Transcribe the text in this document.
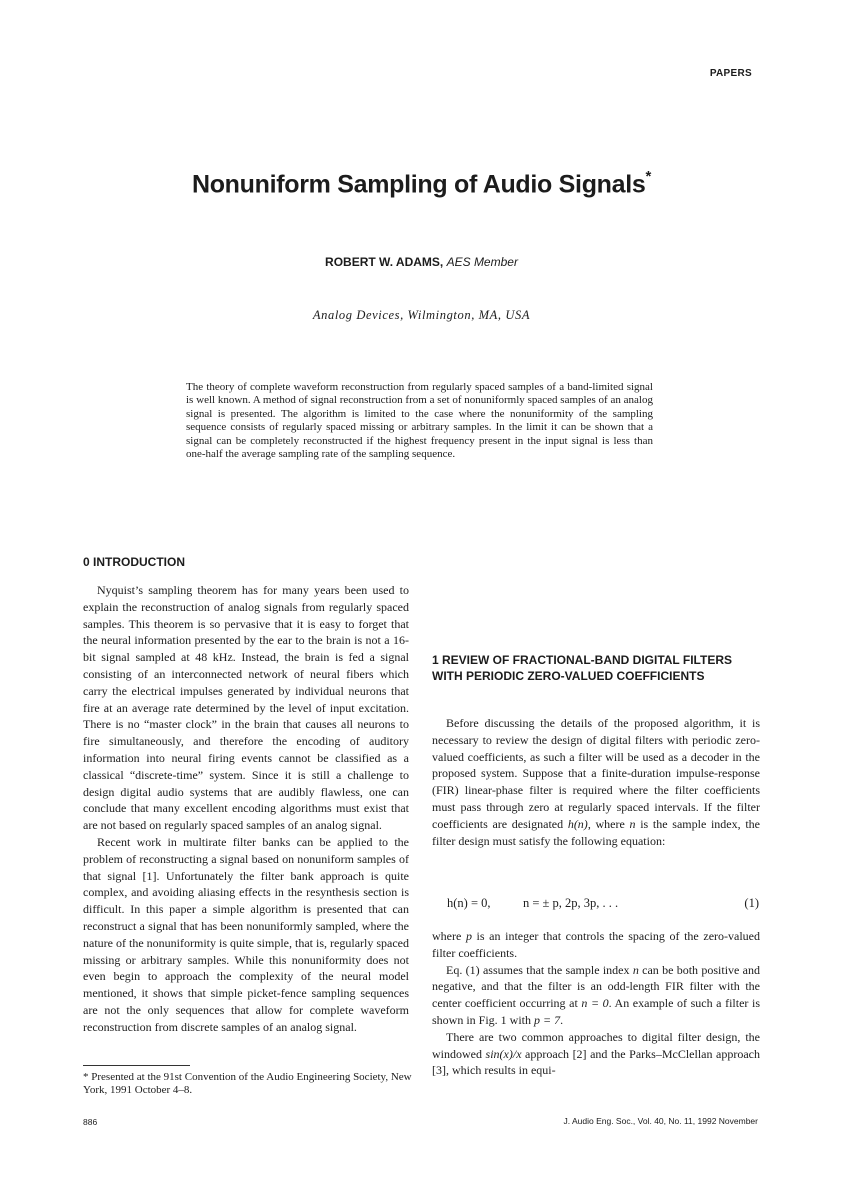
PAPERS
Nonuniform Sampling of Audio Signals*
ROBERT W. ADAMS, AES Member
Analog Devices, Wilmington, MA, USA
The theory of complete waveform reconstruction from regularly spaced samples of a band-limited signal is well known. A method of signal reconstruction from a set of nonuniformly spaced samples of an analog signal is presented. The algorithm is limited to the case where the nonuniformity of the sampling sequence consists of regularly spaced missing or arbitrary samples. In the limit it can be shown that a signal can be completely reconstructed if the highest frequency present in the input signal is less than one-half the average sampling rate of the sampling sequence.
0 INTRODUCTION

Nyquist’s sampling theorem has for many years been used to explain the reconstruction of analog signals from regularly spaced samples. This theorem is so pervasive that it is easy to forget that the neural information presented by the ear to the brain is not a 16-bit signal sampled at 48 kHz. Instead, the brain is fed a signal consisting of an interconnected network of neural fibers which carry the electrical impulses generated by individual neurons that fire at an average rate determined by the level of input excitation. There is no “master clock” in the brain that causes all neurons to fire simultaneously, and therefore the encoding of auditory information into neural firing events cannot be classified as a classical “discrete-time” system. Since it is still a challenge to design digital audio systems that are audibly flawless, one can conclude that many excellent encoding algorithms must exist that are not based on regularly spaced samples of an analog signal.

Recent work in multirate filter banks can be applied to the problem of reconstructing a signal based on nonuniform samples of that signal [1]. Unfortunately the filter bank approach is quite complex, and avoiding aliasing effects in the resynthesis section is difficult. In this paper a simple algorithm is presented that can reconstruct a signal that has been nonuniformly sampled, where the nature of the nonuniformity is quite simple, that is, regularly spaced missing or arbitrary samples. While this nonuniformity does not even begin to approach the complexity of the neural model mentioned, it shows that simple picket-fence sampling sequences are not the only sequences that allow for complete waveform reconstruction from discrete samples of an analog signal.

1 REVIEW OF FRACTIONAL-BAND DIGITAL FILTERS WITH PERIODIC ZERO-VALUED COEFFICIENTS

Before discussing the details of the proposed algorithm, it is necessary to review the design of digital filters with periodic zero-valued coefficients, as such a filter will be used as a decoder in the proposed system. Suppose that a finite-duration impulse-response (FIR) linear-phase filter is required where the filter coefficients must pass through zero at regularly spaced intervals. If the filter coefficients are designated h(n), where n is the sample index, the filter design must satisfy the following equation:

h(n) = 0,	n = ± p, 2p, 3p, . . .	(1)

where p is an integer that controls the spacing of the zero-valued filter coefficients.

Eq. (1) assumes that the sample index n can be both positive and negative, and that the filter is an odd-length FIR filter with the center coefficient occurring at n = 0. An example of such a filter is shown in Fig. 1 with p = 7.

There are two common approaches to digital filter design, the windowed sin(x)/x approach [2] and the Parks–McClellan approach [3], which results in equi-

* Presented at the 91st Convention of the Audio Engineering Society, New York, 1991 October 4–8.
886	J. Audio Eng. Soc., Vol. 40, No. 11, 1992 November
